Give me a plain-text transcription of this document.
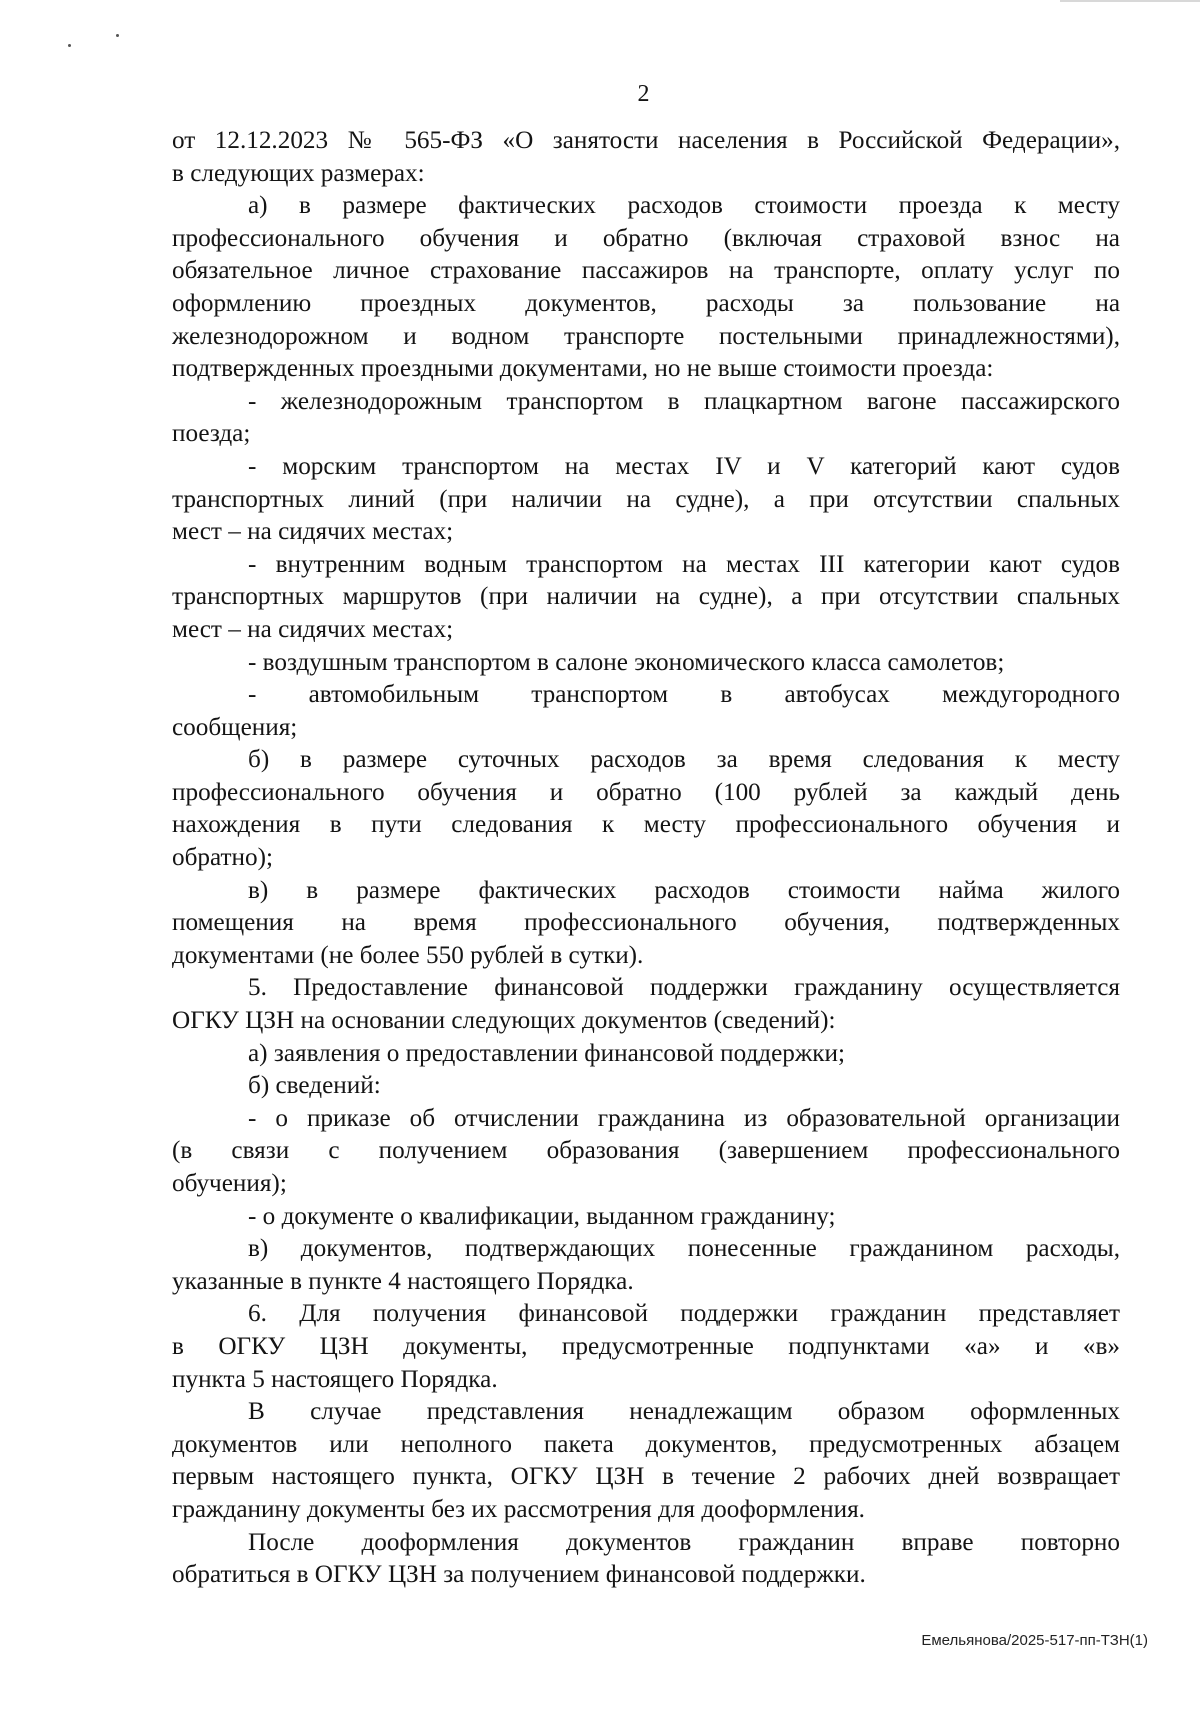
2
от 12.12.2023 № 565-ФЗ «О занятости населения в Российской Федерации»,
в следующих размерах:
а) в размере фактических расходов стоимости проезда к месту
профессионального обучения и обратно (включая страховой взнос на
обязательное личное страхование пассажиров на транспорте, оплату услуг по
оформлению проездных документов, расходы за пользование на
железнодорожном и водном транспорте постельными принадлежностями),
подтвержденных проездными документами, но не выше стоимости проезда:
- железнодорожным транспортом в плацкартном вагоне пассажирского
поезда;
- морским транспортом на местах IV и V категорий кают судов
транспортных линий (при наличии на судне), а при отсутствии спальных
мест – на сидячих местах;
- внутренним водным транспортом на местах III категории кают судов
транспортных маршрутов (при наличии на судне), а при отсутствии спальных
мест – на сидячих местах;
- воздушным транспортом в салоне экономического класса самолетов;
- автомобильным транспортом в автобусах междугородного
сообщения;
б) в размере суточных расходов за время следования к месту
профессионального обучения и обратно (100 рублей за каждый день
нахождения в пути следования к месту профессионального обучения и
обратно);
в) в размере фактических расходов стоимости найма жилого
помещения на время профессионального обучения, подтвержденных
документами (не более 550 рублей в сутки).
5. Предоставление финансовой поддержки гражданину осуществляется
ОГКУ ЦЗН на основании следующих документов (сведений):
а) заявления о предоставлении финансовой поддержки;
б) сведений:
- о приказе об отчислении гражданина из образовательной организации
(в связи с получением образования (завершением профессионального
обучения);
- о документе о квалификации, выданном гражданину;
в) документов, подтверждающих понесенные гражданином расходы,
указанные в пункте 4 настоящего Порядка.
6. Для получения финансовой поддержки гражданин представляет
в ОГКУ ЦЗН документы, предусмотренные подпунктами «а» и «в»
пункта 5 настоящего Порядка.
В случае представления ненадлежащим образом оформленных
документов или неполного пакета документов, предусмотренных абзацем
первым настоящего пункта, ОГКУ ЦЗН в течение 2 рабочих дней возвращает
гражданину документы без их рассмотрения для дооформления.
После дооформления документов гражданин вправе повторно
обратиться в ОГКУ ЦЗН за получением финансовой поддержки.
Емельянова/2025-517-пп-ТЗН(1)
